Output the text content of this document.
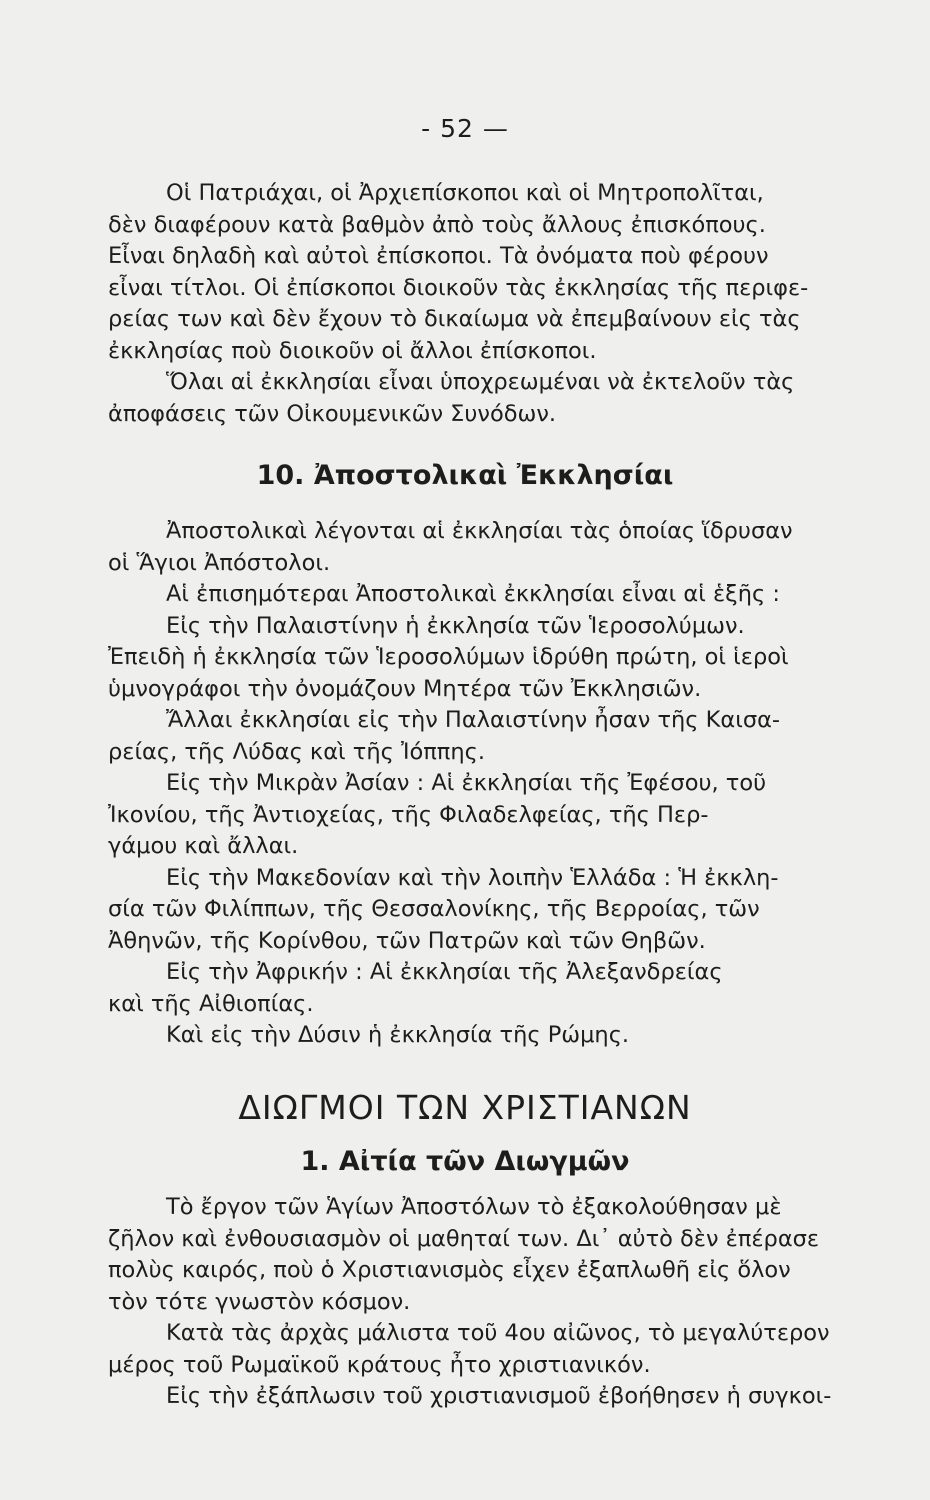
- 52 —
Οἱ Πατριάχαι, οἱ Ἀρχιεπίσκοποι καὶ οἱ Μητροπολῖται,
δὲν διαφέρουν κατὰ βαθμὸν ἀπὸ τοὺς ἄλλους ἐπισκόπους.
Εἶναι δηλαδὴ καὶ αὐτοὶ ἐπίσκοποι. Τὰ ὀνόματα ποὺ φέρουν
εἶναι τίτλοι. Οἱ ἐπίσκοποι διοικοῦν τὰς ἐκκλησίας τῆς περιφε-
ρείας των καὶ δὲν ἔχουν τὸ δικαίωμα νὰ ἐπεμβαίνουν εἰς τὰς
ἐκκλησίας ποὺ διοικοῦν οἱ ἄλλοι ἐπίσκοποι.
Ὅλαι αἱ ἐκκλησίαι εἶναι ὑποχρεωμέναι νὰ ἐκτελοῦν τὰς
ἀποφάσεις τῶν Οἰκουμενικῶν Συνόδων.
10. Ἀποστολικαὶ Ἐκκλησίαι
Ἀποστολικαὶ λέγονται αἱ ἐκκλησίαι τὰς ὁποίας ἵδρυσαν
οἱ Ἅγιοι Ἀπόστολοι.
Αἱ ἐπισημότεραι Ἀποστολικαὶ ἐκκλησίαι εἶναι αἱ ἑξῆς :
Εἰς τὴν Παλαιστίνην ἡ ἐκκλησία τῶν Ἱεροσολύμων.
Ἐπειδὴ ἡ ἐκκλησία τῶν Ἱεροσολύμων ἱδρύθη πρώτη, οἱ ἱεροὶ
ὑμνογράφοι τὴν ὀνομάζουν Μητέρα τῶν Ἐκκλησιῶν.
Ἄλλαι ἐκκλησίαι εἰς τὴν Παλαιστίνην ἦσαν τῆς Καισα-
ρείας, τῆς Λύδας καὶ τῆς Ἰόππης.
Εἰς τὴν Μικρὰν Ἀσίαν : Αἱ ἐκκλησίαι τῆς Ἐφέσου, τοῦ
Ἰκονίου, τῆς Ἀντιοχείας, τῆς Φιλαδελφείας, τῆς Περ-
γάμου καὶ ἄλλαι.
Εἰς τὴν Μακεδονίαν καὶ τὴν λοιπὴν Ἑλλάδα : Ἡ ἐκκλη-
σία τῶν Φιλίππων, τῆς Θεσσαλονίκης, τῆς Βερροίας, τῶν
Ἀθηνῶν, τῆς Κορίνθου, τῶν Πατρῶν καὶ τῶν Θηβῶν.
Εἰς τὴν Ἀφρικήν : Αἱ ἐκκλησίαι τῆς Ἀλεξανδρείας
καὶ τῆς Αἰθιοπίας.
Καὶ εἰς τὴν Δύσιν ἡ ἐκκλησία τῆς Ρώμης.
ΔΙΩΓΜΟΙ ΤΩΝ ΧΡΙΣΤΙΑΝΩΝ
1. Αἰτία τῶν Διωγμῶν
Τὸ ἔργον τῶν Ἁγίων Ἀποστόλων τὸ ἐξακολούθησαν μὲ
ζῆλον καὶ ἐνθουσιασμὸν οἱ μαθηταί των. Δι᾽ αὐτὸ δὲν ἐπέρασε
πολὺς καιρός, ποὺ ὁ Χριστιανισμὸς εἶχεν ἐξαπλωθῆ εἰς ὅλον
τὸν τότε γνωστὸν κόσμον.
Κατὰ τὰς ἀρχὰς μάλιστα τοῦ 4ου αἰῶνος, τὸ μεγαλύτερον
μέρος τοῦ Ρωμαϊκοῦ κράτους ἦτο χριστιανικόν.
Εἰς τὴν ἐξάπλωσιν τοῦ χριστιανισμοῦ ἐβοήθησεν ἡ συγκοι-
